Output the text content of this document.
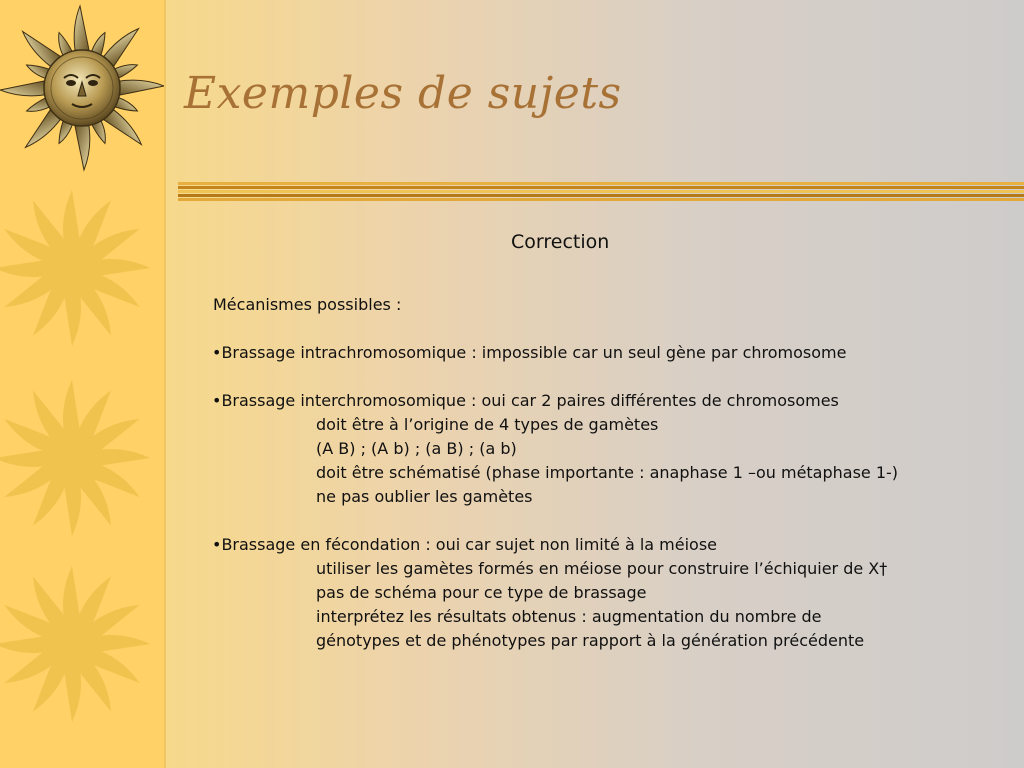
Exemples de sujets
Correction
Mécanismes possibles :
•Brassage intrachromosomique : impossible car un seul gène par chromosome
•Brassage interchromosomique : oui car 2 paires différentes de chromosomes
doit être à l’origine de 4 types de gamètes
(A B) ; (A b) ; (a B) ; (a b)
doit être schématisé (phase importante : anaphase 1 –ou métaphase 1-)
ne pas oublier les gamètes
•Brassage en fécondation : oui car sujet non limité à la méiose
utiliser les gamètes formés en méiose pour construire l’échiquier de X†
pas de schéma pour ce type de brassage
interprétez les résultats obtenus : augmentation du nombre de
génotypes et de phénotypes par rapport à la génération précédente
